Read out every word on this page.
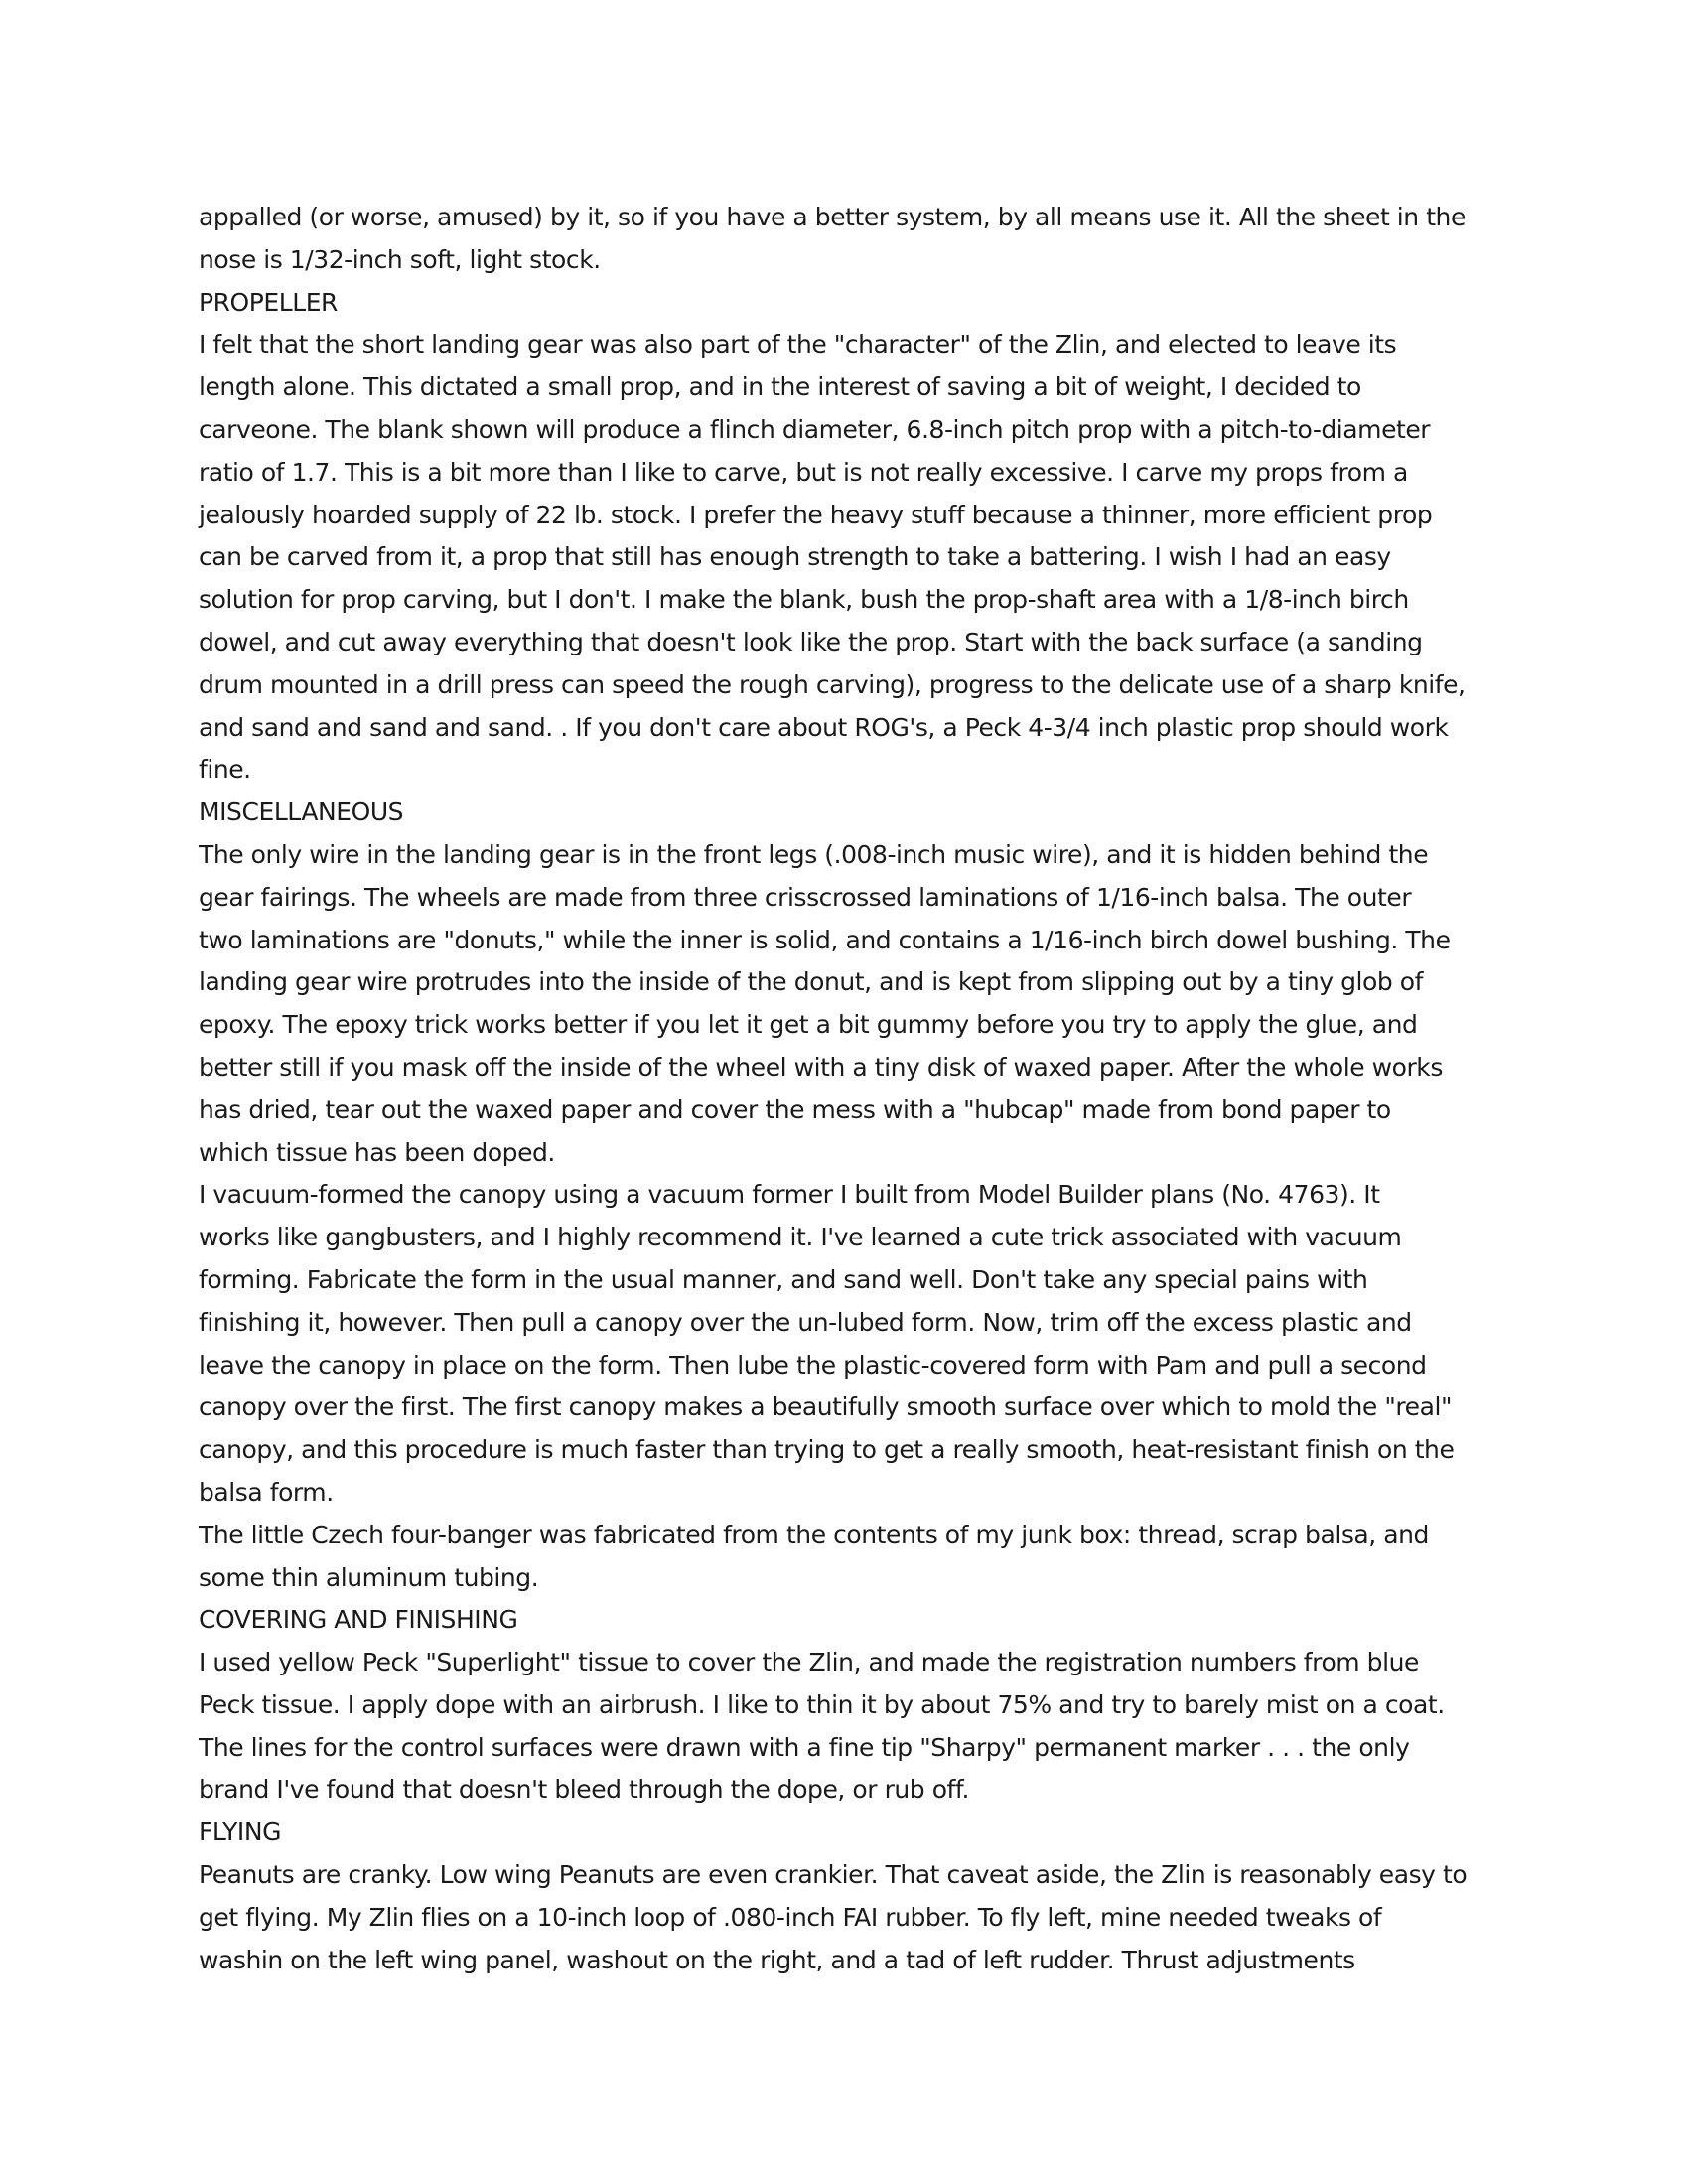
appalled (or worse, amused) by it, so if you have a better system, by all means use it. All the sheet in the
nose is 1/32-inch soft, light stock.
PROPELLER
I felt that the short landing gear was also part of the "character" of the Zlin, and elected to leave its
length alone. This dictated a small prop, and in the interest of saving a bit of weight, I decided to
carveone. The blank shown will produce a flinch diameter, 6.8-inch pitch prop with a pitch-to-diameter
ratio of 1.7. This is a bit more than I like to carve, but is not really excessive. I carve my props from a
jealously hoarded supply of 22 lb. stock. I prefer the heavy stuff because a thinner, more efficient prop
can be carved from it, a prop that still has enough strength to take a battering. I wish I had an easy
solution for prop carving, but I don't. I make the blank, bush the prop-shaft area with a 1/8-inch birch
dowel, and cut away everything that doesn't look like the prop. Start with the back surface (a sanding
drum mounted in a drill press can speed the rough carving), progress to the delicate use of a sharp knife,
and sand and sand and sand. . If you don't care about ROG's, a Peck 4-3/4 inch plastic prop should work
fine.
MISCELLANEOUS
The only wire in the landing gear is in the front legs (.008-inch music wire), and it is hidden behind the
gear fairings. The wheels are made from three crisscrossed laminations of 1/16-inch balsa. The outer
two laminations are "donuts," while the inner is solid, and contains a 1/16-inch birch dowel bushing. The
landing gear wire protrudes into the inside of the donut, and is kept from slipping out by a tiny glob of
epoxy. The epoxy trick works better if you let it get a bit gummy before you try to apply the glue, and
better still if you mask off the inside of the wheel with a tiny disk of waxed paper. After the whole works
has dried, tear out the waxed paper and cover the mess with a "hubcap" made from bond paper to
which tissue has been doped.
I vacuum-formed the canopy using a vacuum former I built from Model Builder plans (No. 4763). It
works like gangbusters, and I highly recommend it. I've learned a cute trick associated with vacuum
forming. Fabricate the form in the usual manner, and sand well. Don't take any special pains with
finishing it, however. Then pull a canopy over the un-lubed form. Now, trim off the excess plastic and
leave the canopy in place on the form. Then lube the plastic-covered form with Pam and pull a second
canopy over the first. The first canopy makes a beautifully smooth surface over which to mold the "real"
canopy, and this procedure is much faster than trying to get a really smooth, heat-resistant finish on the
balsa form.
The little Czech four-banger was fabricated from the contents of my junk box: thread, scrap balsa, and
some thin aluminum tubing.
COVERING AND FINISHING
I used yellow Peck "Superlight" tissue to cover the Zlin, and made the registration numbers from blue
Peck tissue. I apply dope with an airbrush. I like to thin it by about 75% and try to barely mist on a coat.
The lines for the control surfaces were drawn with a fine tip "Sharpy" permanent marker . . . the only
brand I've found that doesn't bleed through the dope, or rub off.
FLYING
Peanuts are cranky. Low wing Peanuts are even crankier. That caveat aside, the Zlin is reasonably easy to
get flying. My Zlin flies on a 10-inch loop of .080-inch FAI rubber. To fly left, mine needed tweaks of
washin on the left wing panel, washout on the right, and a tad of left rudder. Thrust adjustments
